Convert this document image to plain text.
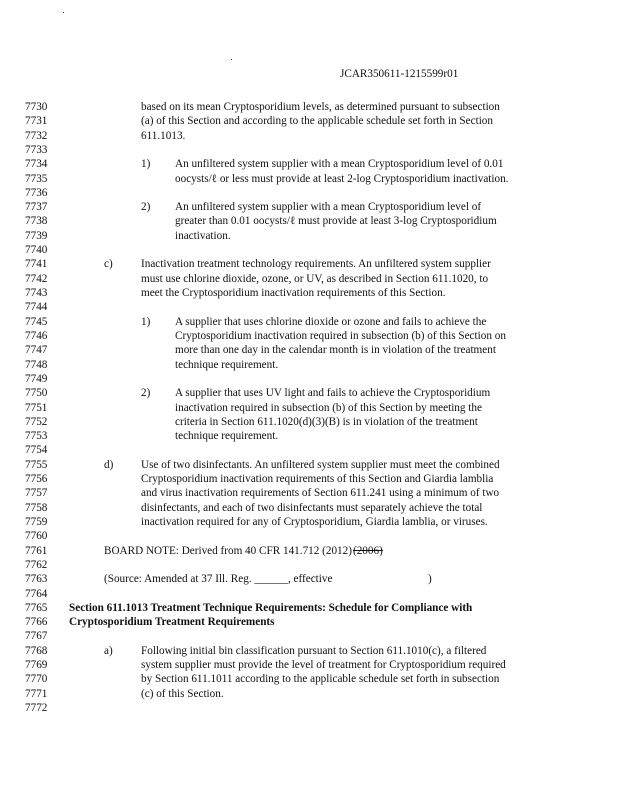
JCAR350611-1215599r01
7730	based on its mean Cryptosporidium levels, as determined pursuant to subsection
7731	(a) of this Section and according to the applicable schedule set forth in Section
7732	611.1013.
7733
7734	1) An unfiltered system supplier with a mean Cryptosporidium level of 0.01
7735	oocysts/ℓ or less must provide at least 2-log Cryptosporidium inactivation.
7736
7737	2) An unfiltered system supplier with a mean Cryptosporidium level of
7738	greater than 0.01 oocysts/ℓ must provide at least 3-log Cryptosporidium
7739	inactivation.
7740
7741	c)	Inactivation treatment technology requirements. An unfiltered system supplier
7742	must use chlorine dioxide, ozone, or UV, as described in Section 611.1020, to
7743	meet the Cryptosporidium inactivation requirements of this Section.
7744
7745	1) A supplier that uses chlorine dioxide or ozone and fails to achieve the
7746	Cryptosporidium inactivation required in subsection (b) of this Section on
7747	more than one day in the calendar month is in violation of the treatment
7748	technique requirement.
7749
7750	2) A supplier that uses UV light and fails to achieve the Cryptosporidium
7751	inactivation required in subsection (b) of this Section by meeting the
7752	criteria in Section 611.1020(d)(3)(B) is in violation of the treatment
7753	technique requirement.
7754
7755	d) Use of two disinfectants. An unfiltered system supplier must meet the combined
7756	Cryptosporidium inactivation requirements of this Section and Giardia lamblia
7757	and virus inactivation requirements of Section 611.241 using a minimum of two
7758	disinfectants, and each of two disinfectants must separately achieve the total
7759	inactivation required for any of Cryptosporidium, Giardia lamblia, or viruses.
7760
7761	BOARD NOTE: Derived from 40 CFR 141.712 (2012) (2006)
7762
7763	(Source: Amended at 37 Ill. Reg. ______, effective	)
7764
7765 Section 611.1013 Treatment Technique Requirements: Schedule for Compliance with
7766 Cryptosporidium Treatment Requirements
7767
7768	a)	Following initial bin classification pursuant to Section 611.1010(c), a filtered
7769	system supplier must provide the level of treatment for Cryptosporidium required
7770	by Section 611.1011 according to the applicable schedule set forth in subsection
7771	(c) of this Section.
7772
